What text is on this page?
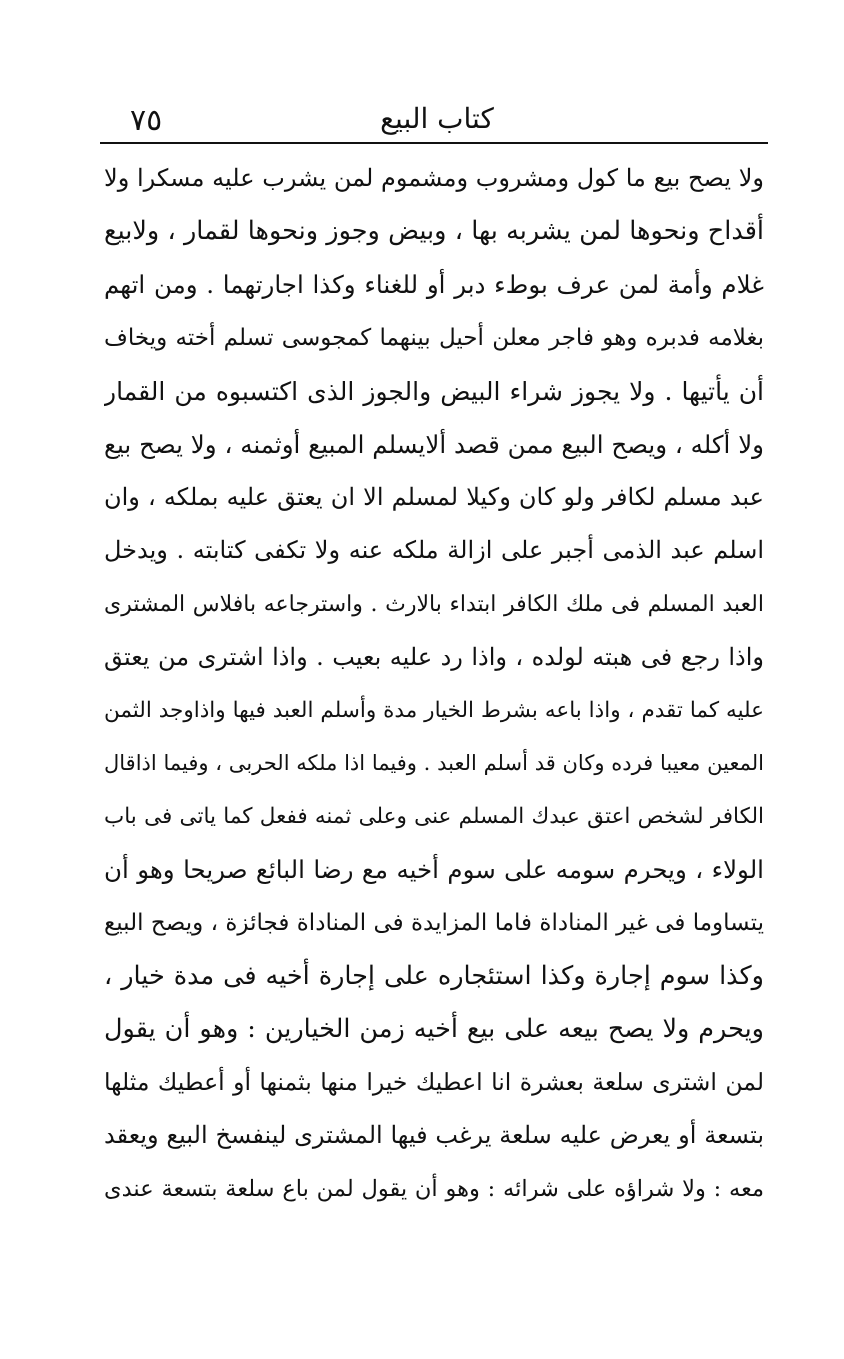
٧٥	كتاب البيع
ولا يصح بيع ما كول ومشروب ومشموم لمن يشرب عليه مسكرا ولا
أقداح ونحوها لمن يشربه بها ، وبيض وجوز ونحوها لقمار ، ولابيع
غلام وأمة لمن عرف بوطء دبر أو للغناء وكذا اجارتهما . ومن اتهم
بغلامه فدبره وهو فاجر معلن أحيل بينهما كمجوسى تسلم أخته ويخاف
أن يأتيها . ولا يجوز شراء البيض والجوز الذى اكتسبوه من القمار
ولا أكله ، ويصح البيع ممن قصد ألايسلم المبيع أوثمنه ، ولا يصح بيع
عبد مسلم لكافر ولو كان وكيلا لمسلم الا ان يعتق عليه بملكه ، وان
اسلم عبد الذمى أجبر على ازالة ملكه عنه ولا تكفى كتابته . ويدخل
العبد المسلم فى ملك الكافر ابتداء بالارث . واسترجاعه بافلاس المشترى
واذا رجع فى هبته لولده ، واذا رد عليه بعيب . واذا اشترى من يعتق
عليه كما تقدم ، واذا باعه بشرط الخيار مدة وأسلم العبد فيها واذاوجد الثمن
المعين معيبا فرده وكان قد أسلم العبد . وفيما اذا ملكه الحربى ، وفيما اذاقال
الكافر لشخص اعتق عبدك المسلم عنى وعلى ثمنه ففعل كما ياتى فى باب
الولاء ، ويحرم سومه على سوم أخيه مع رضا البائع صريحا وهو أن
يتساوما فى غير المناداة فاما المزايدة فى المناداة فجائزة ، ويصح البيع
وكذا سوم إجارة وكذا استئجاره على إجارة أخيه فى مدة خيار ،
ويحرم ولا يصح بيعه على بيع أخيه زمن الخيارين : وهو أن يقول
لمن اشترى سلعة بعشرة انا اعطيك خيرا منها بثمنها أو أعطيك مثلها
بتسعة أو يعرض عليه سلعة يرغب فيها المشترى لينفسخ البيع ويعقد
معه : ولا شراؤه على شرائه : وهو أن يقول لمن باع سلعة بتسعة عندى
